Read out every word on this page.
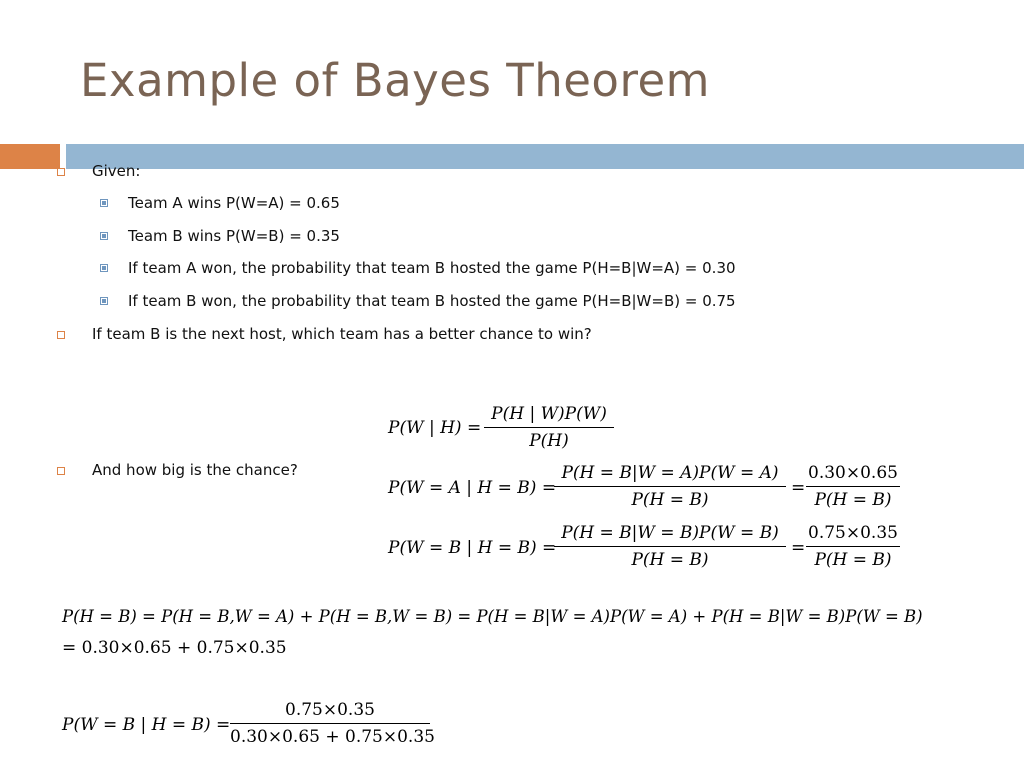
Example of Bayes Theorem
Given:
Team A wins P(W=A) = 0.65
Team B wins P(W=B) = 0.35
If team A won, the probability that team B hosted the game P(H=B|W=A) = 0.30
If team B won, the probability that team B hosted the game P(H=B|W=B) = 0.75
If team B is the next host, which team has a better chance to win?
And how big is the chance?
P(W | H) =
P(H | W)P(W)
P(H)
P(W = A | H = B) =
P(H = B|W = A)P(W = A)
P(H = B)
=
0.30×0.65
P(H = B)
P(W = B | H = B) =
P(H = B|W = B)P(W = B)
P(H = B)
=
0.75×0.35
P(H = B)
P(H = B) = P(H = B,W = A) + P(H = B,W = B) = P(H = B|W = A)P(W = A) + P(H = B|W = B)P(W = B)
= 0.30×0.65 + 0.75×0.35
P(W = B | H = B) =
0.75×0.35
0.30×0.65 + 0.75×0.35
